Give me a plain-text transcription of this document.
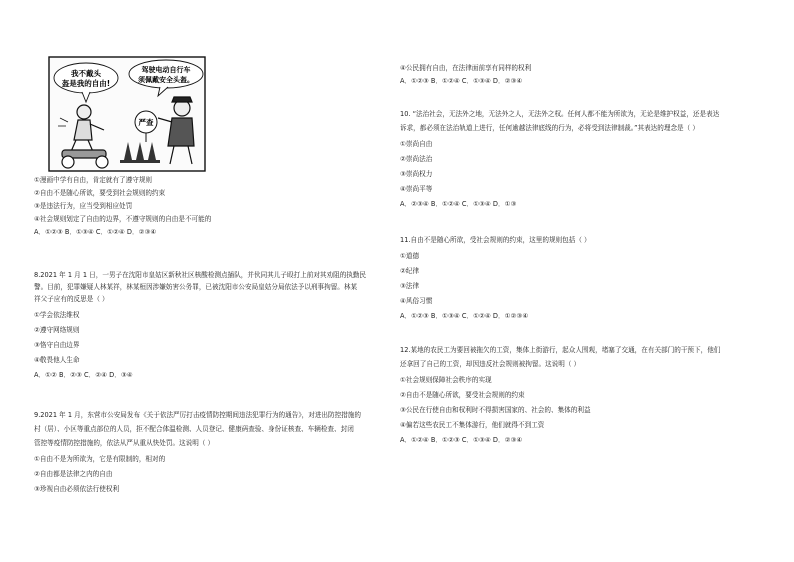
我不戴头
盔是我的自由!
驾驶电动自行车
须佩戴安全头盔。
严查
①漫画中学有自由，肯定就有了遵守规则
②自由不是随心所欲，要受到社会规则的约束
③是违法行为，应当受到相应处罚
④社会规则划定了自由的边界，不遵守规则的自由是不可能的
A．①②③ B．①③④ C．①②④ D．②③④
8.2021 年 1 月 1 日，一男子在沈阳市皇姑区新秋社区核酸检测点插队，并伙同其儿子殴打上前对其劝阻的执勤民
警。目前，犯罪嫌疑人林某祥，林某桓因涉嫌妨害公务罪，已被沈阳市公安局皇姑分局依法予以刑事拘留。林某
祥父子应有的反思是（ ）
①学会依法维权
②遵守网络规则
③恪守自由边界
④敬畏他人生命
A．①② B．②③ C．②④ D．③④
9.2021 年 1 月，东营市公安局发布《关于依法严厉打击疫情防控期间违法犯罪行为的通告》，对进出防控措施的
村（居）、小区等重点部位的人员，拒不配合体温检测、人员登记、健康码查验、身份证核查、车辆检查、封闭
管控等疫情防控措施的，依法从严从重从快处罚。这说明（ ）
①自由不是为所欲为，它是有限制的，相对的
②自由都是法律之内的自由
③珍视自由必须依法行使权利
④公民拥有自由，在法律面前享有同样的权利
A．①②③ B．①②④ C．①③④ D．②③④
10. “法治社会，无法外之地，无法外之人，无法外之权。任何人都不能为所欲为，无论是维护权益，还是表达
诉求，都必须在法治轨道上进行，任何逾越法律底线的行为，必将受到法律制裁。”其表达的理念是（ ）
①崇尚自由
②崇尚法治
③崇尚权力
④崇尚平等
A．②③④ B．①②④ C．①③④ D．①③
11.自由不是随心所欲，受社会规则的约束，这里的规则包括（ ）
①道德
②纪律
③法律
④风俗习惯
A．①②③ B．①③④ C．①②④ D．①②③④
12.某地的农民工为要回被拖欠的工资，集体上街游行，起众人围观，堵塞了交通，在有关部门的干预下，他们
还拿回了自己的工资，却因违反社会规则被拘留。这说明（ ）
①社会规则保障社会秩序的实现
②自由不是随心所欲，要受社会规则的约束
③公民在行使自由和权利时不得损害国家的、社会的、集体的利益
④偏若这些农民工不集体游行，他们就得不到工资
A．①②④ B．①②③ C．①③④ D．②③④
